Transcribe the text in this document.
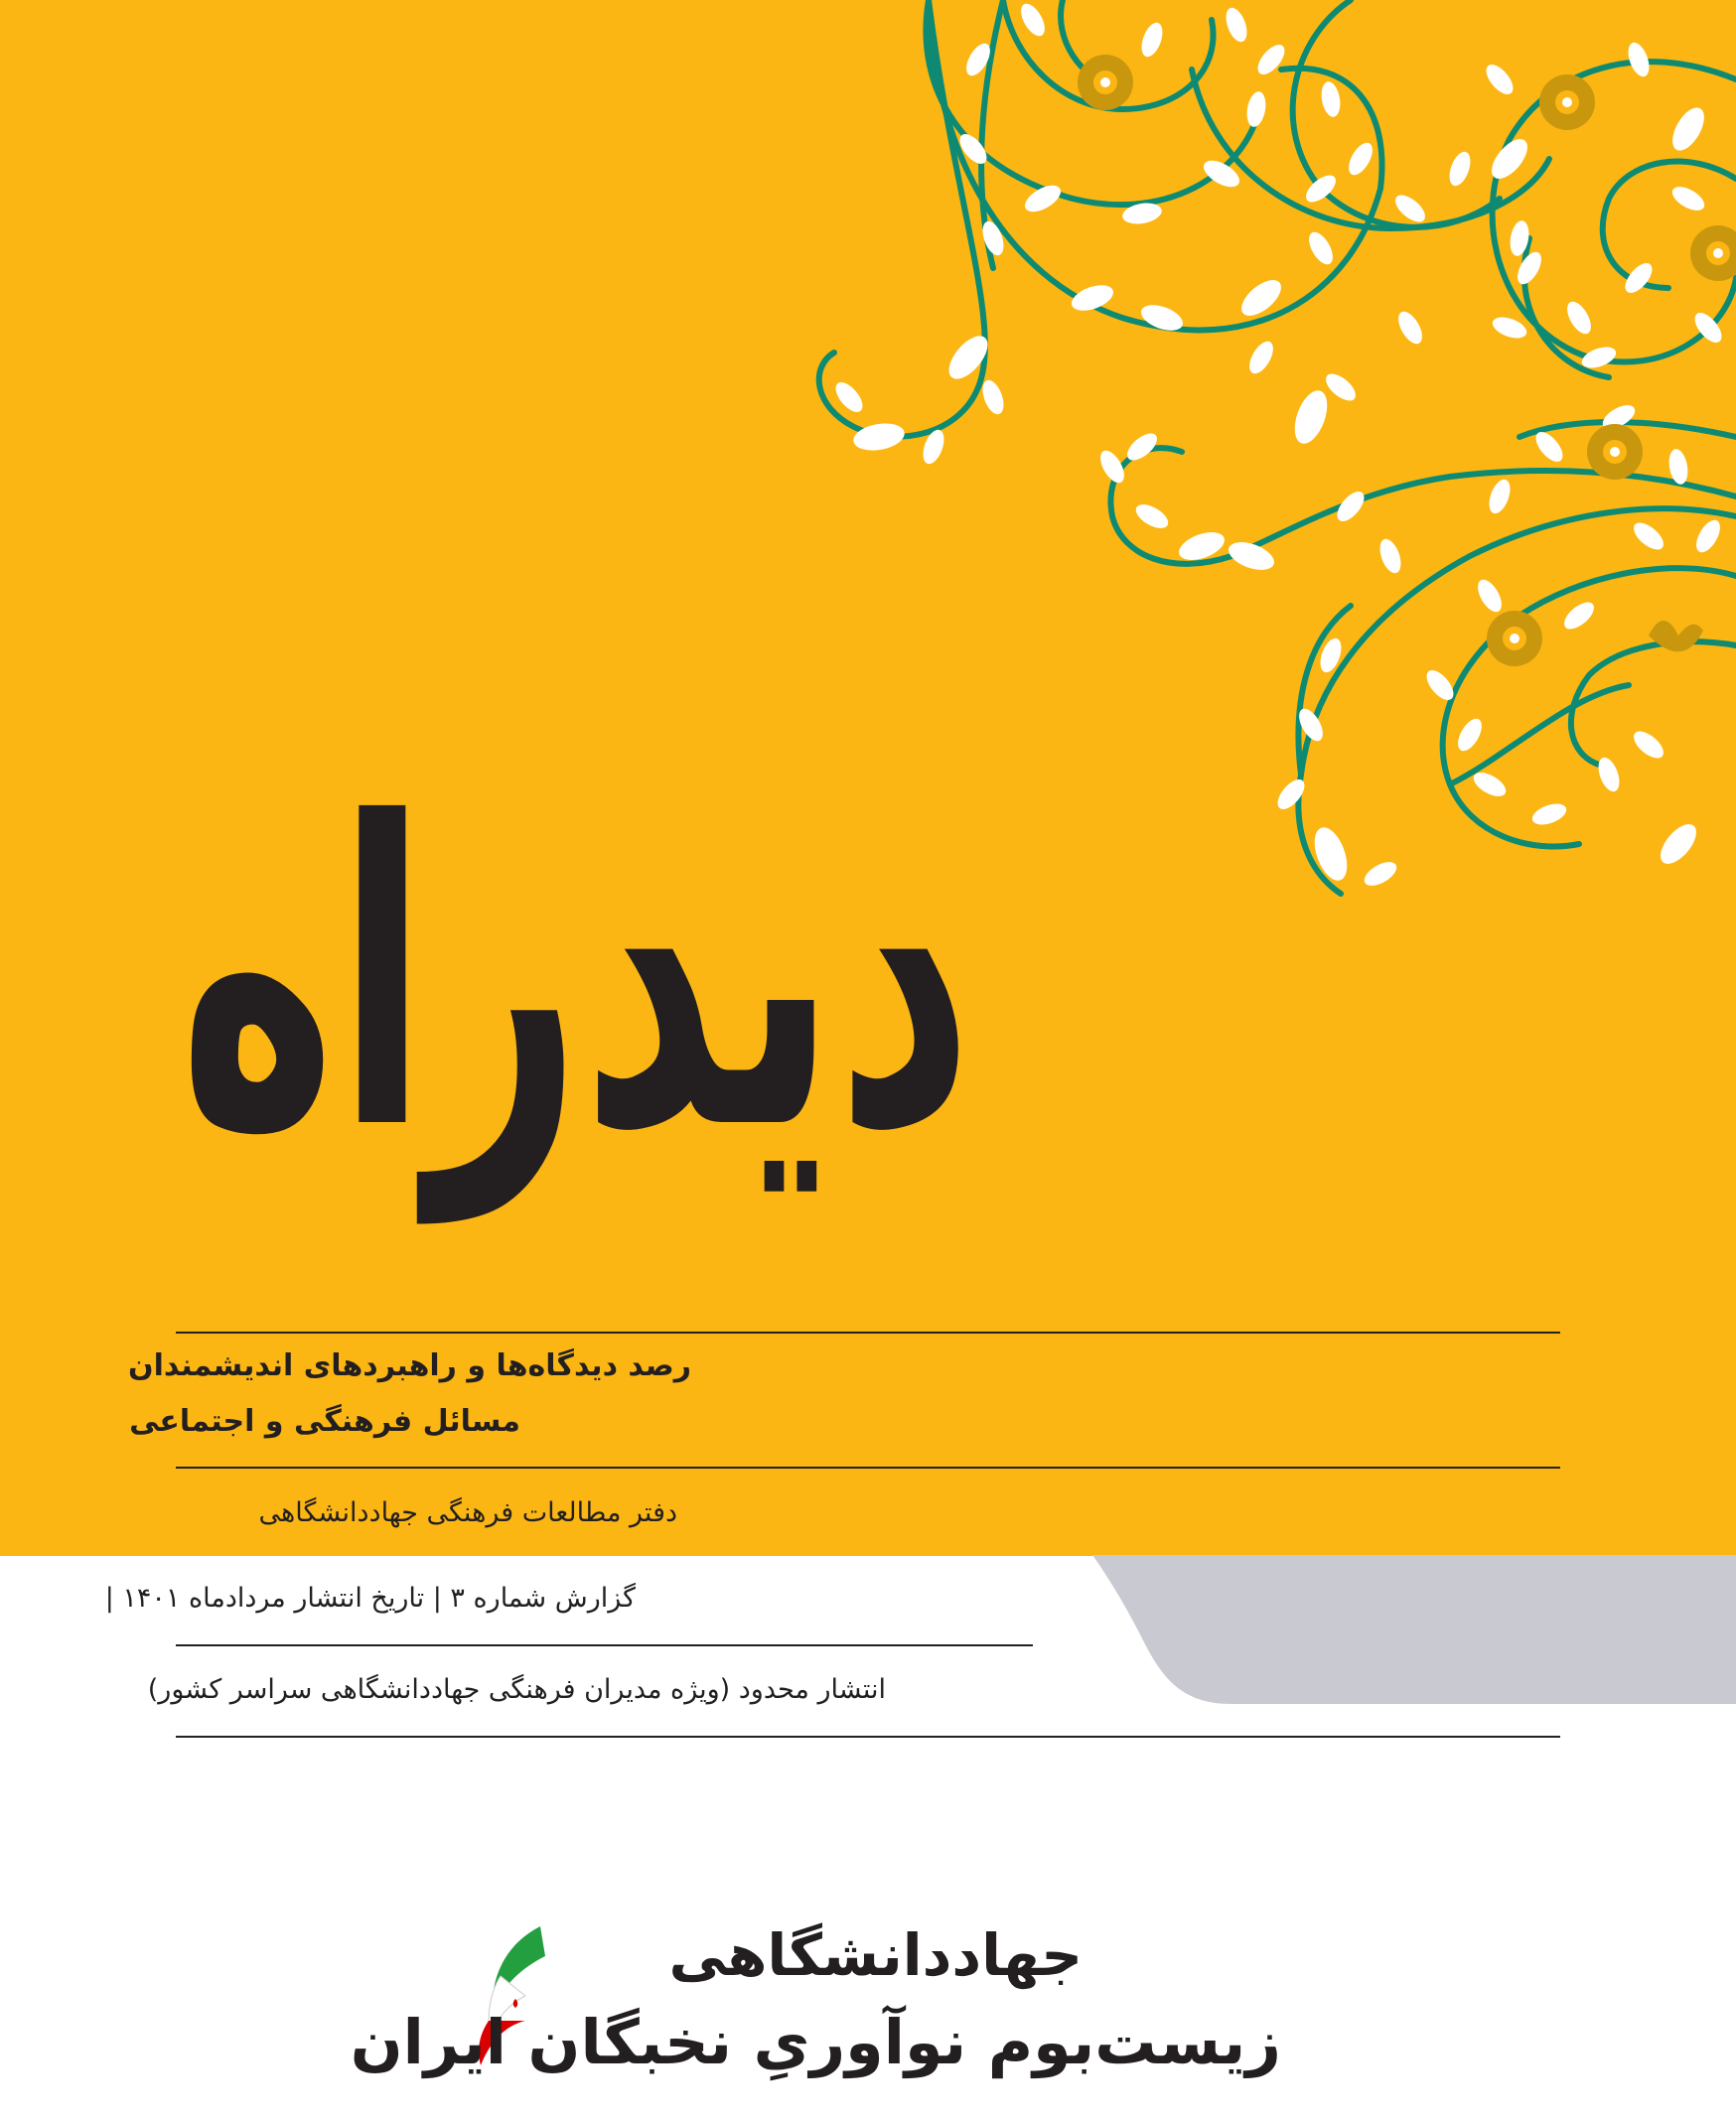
دیدراه
رصد دیدگاه‌ها و راهبردهای اندیشمندان
مسائل فرهنگی و اجتماعی
دفتر مطالعات فرهنگی جهاددانشگاهی
گزارش شماره ۳ | تاریخ انتشار مردادماه ۱۴۰۱ |
انتشار محدود (ویژه مدیران فرهنگی جهاددانشگاهی سراسر کشور)
جهاددانشگاهی
زیست‌بوم نوآوریِ نخبگان ایران
